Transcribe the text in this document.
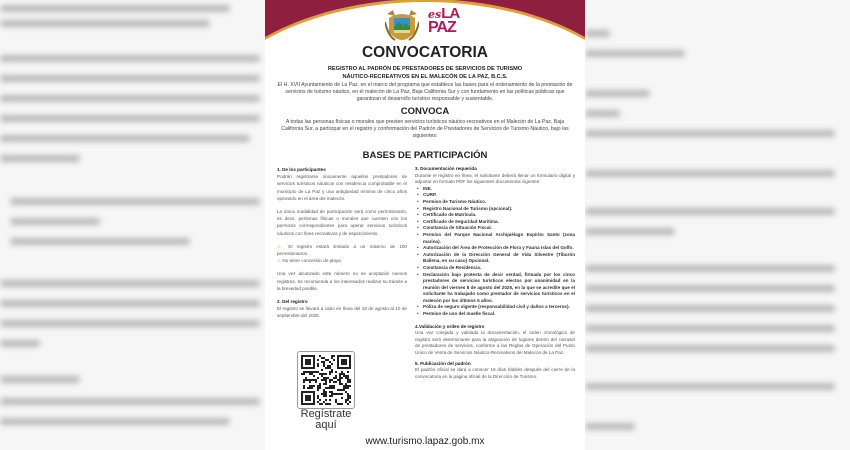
esLA
PAZ
CONVOCATORIA
REGISTRO AL PADRÓN DE PRESTADORES DE SERVICIOS DE TURISMO
NÁUTICO-RECREATIVOS EN EL MALECÓN DE LA PAZ, B.C.S.
El H. XVII Ayuntamiento de La Paz, en el marco del programa que establece las bases para el ordenamiento de la prestación de servicios de turismo náutico, en el malecón de La Paz, Baja California Sur y con fundamento en las políticas públicas que garantizan el desarrollo turístico responsable y sustentable.
CONVOCA
A todas las personas físicas o morales que presten servicios turísticos náutico-recreativos en el Malecón de La Paz, Baja California Sur, a participar en el registro y conformación del Padrón de Prestadores de Servicios de Turismo Náutico, bajo las siguientes:
BASES DE PARTICIPACIÓN
1. De los participantes
Podrán registrarse únicamente aquellos prestadores de servicios turísticos náuticos con residencia comprobable en el municipio de La Paz y una antigüedad mínima de cinco años operando en el área del malecón.
La única modalidad de participación será como permisionario, es decir, personas físicas o morales que cuenten con los permisos correspondientes para operar servicios turísticos náuticos con fines recreativos y de esparcimiento.
⚠ El registro estará limitado a un máximo de 100 permisionarios.
⚠ No tener concesión de playa.
Una vez alcanzado este número no se aceptarán nuevos registros. Se recomienda a los interesados realizar su trámite a la brevedad posible.
2. Del registro
El registro se llevará a cabo en línea del 18 de agosto al 10 de septiembre del 2025.
Regístrate
aquí
3. Documentación requerida
Durante el registro en línea, el solicitante deberá llenar un formulario digital y adjuntar en formato PDF los siguientes documentos vigentes:
• INE.
• CURP.
• Permiso de Turismo Náutico.
• Registro Nacional de Turismo (opcional).
• Certificado de Matrícula.
• Certificado de Seguridad Marítima.
• Constancia de Situación Fiscal.
• Permiso del Parque Nacional Archipiélago Espíritu Santo (zona marina).
• Autorización del Área de Protección de Flora y Fauna Islas del Golfo.
• Autorización de la Dirección General de Vida Silvestre (Tiburón Ballena, en su caso) Opcional.
• Constancia de Residencia.
• Declaración bajo protesta de decir verdad, firmada por los cinco prestadores de servicios turísticos electos por unanimidad en la reunión del viernes 8 de agosto del 2025, en la que se acredite que el solicitante ha trabajado como prestador de servicios turísticos en el malecón por los últimos 5 años.
• Póliza de seguro vigente (responsabilidad civil y daños a terceros).
• Permiso de uso del muelle fiscal.
4.Validación y orden de registro
Una vez cotejada y validada la documentación, el orden cronológico de registro será determinante para la asignación de lugares dentro del carrusel de prestadores de servicios, conforme a las Reglas de Operación del Punto Único de Venta de Servicios Náutico-Recreativos del Malecón de La Paz.
5. Publicación del padrón
El padrón oficial se dará a conocer 15 días hábiles después del cierre de la convocatoria en la página oficial de la Dirección de Turismo.
www.turismo.lapaz.gob.mx
